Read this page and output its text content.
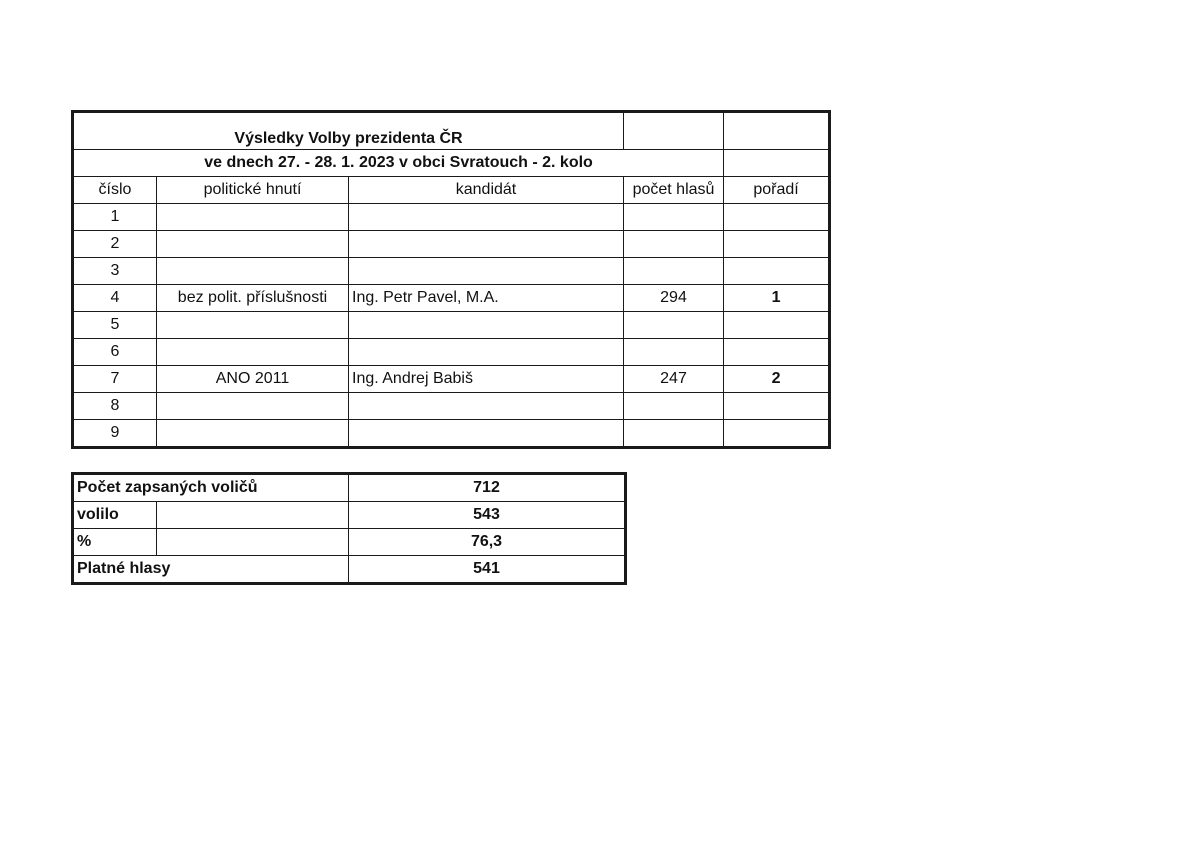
Výsledky Volby prezidenta ČR				
ve dnech 27. - 28. 1. 2023 v obci Svratouch - 2. kolo				
číslo	politické hnutí	kandidát	počet hlasů	pořadí
1				
2				
3				
4	bez polit. příslušnosti	Ing. Petr Pavel, M.A.	294	1
5				
6				
7	ANO 2011	Ing. Andrej Babiš	247	2
8				
9				
Počet zapsaných voličů		712
volilo		543
%		76,3
Platné hlasy		541
